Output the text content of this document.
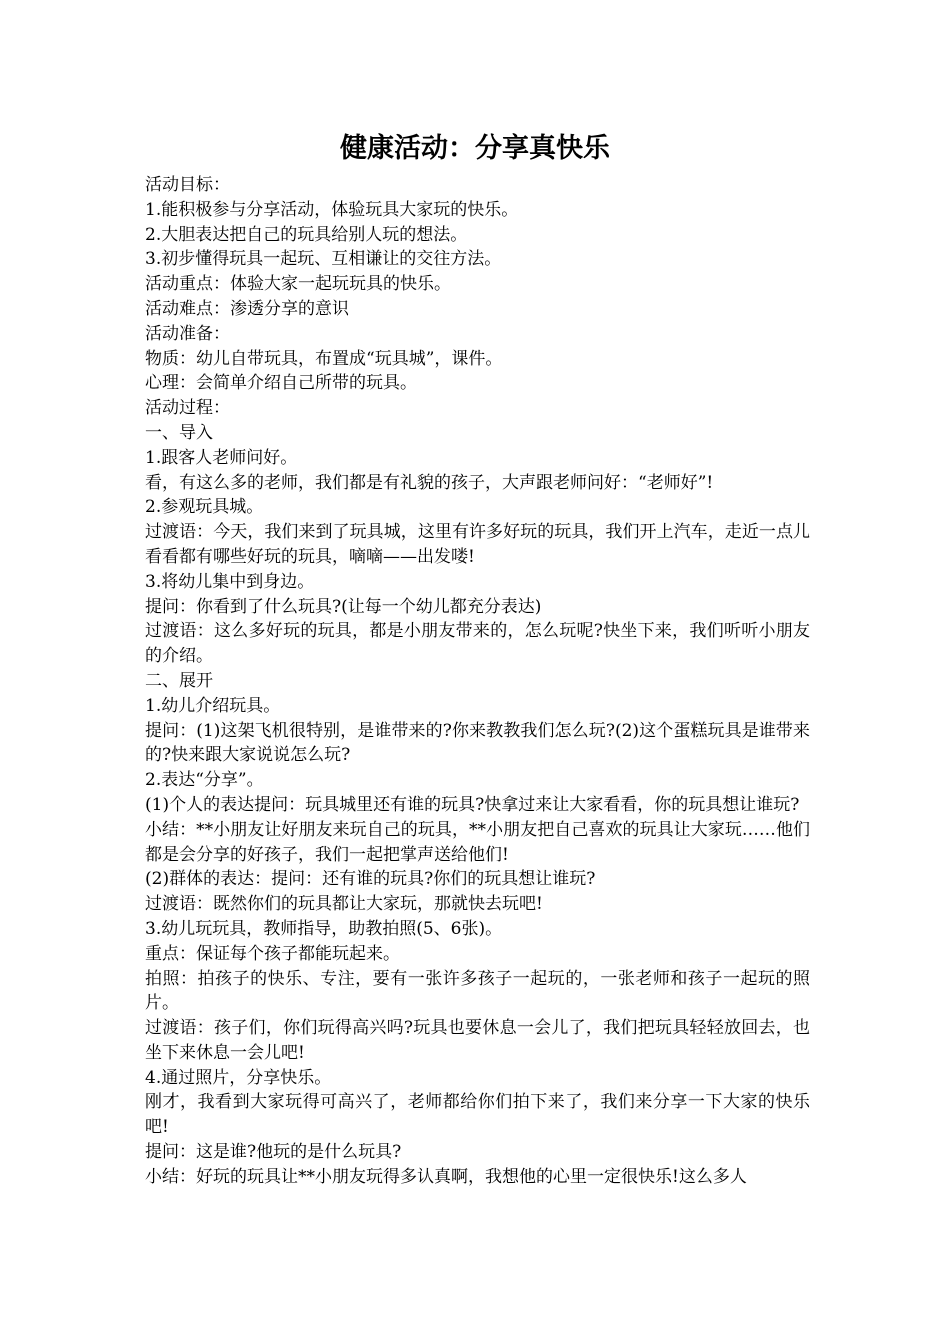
健康活动：分享真快乐

活动目标：

1.能积极参与分享活动，体验玩具大家玩的快乐。

2.大胆表达把自己的玩具给别人玩的想法。

3.初步懂得玩具一起玩、互相谦让的交往方法。

活动重点：体验大家一起玩玩具的快乐。

活动难点：渗透分享的意识

活动准备：

物质：幼儿自带玩具，布置成“玩具城”，课件。

心理：会简单介绍自己所带的玩具。

活动过程：

一、导入

1.跟客人老师问好。

看，有这么多的老师，我们都是有礼貌的孩子，大声跟老师问好：“老师好”!

2.参观玩具城。

过渡语：今天，我们来到了玩具城，这里有许多好玩的玩具，我们开上汽车，走近一点儿看看都有哪些好玩的玩具，嘀嘀——出发喽!

3.将幼儿集中到身边。

提问：你看到了什么玩具?(让每一个幼儿都充分表达)

过渡语：这么多好玩的玩具，都是小朋友带来的，怎么玩呢?快坐下来，我们听听小朋友的介绍。

二、展开

1.幼儿介绍玩具。

提问：(1)这架飞机很特别，是谁带来的?你来教教我们怎么玩?(2)这个蛋糕玩具是谁带来的?快来跟大家说说怎么玩?

2.表达“分享”。

(1)个人的表达提问：玩具城里还有谁的玩具?快拿过来让大家看看，你的玩具想让谁玩?

小结：**小朋友让好朋友来玩自己的玩具，**小朋友把自己喜欢的玩具让大家玩……他们都是会分享的好孩子，我们一起把掌声送给他们!

(2)群体的表达：提问：还有谁的玩具?你们的玩具想让谁玩?

过渡语：既然你们的玩具都让大家玩，那就快去玩吧!

3.幼儿玩玩具，教师指导，助教拍照(5、6张)。

重点：保证每个孩子都能玩起来。

拍照：拍孩子的快乐、专注，要有一张许多孩子一起玩的，一张老师和孩子一起玩的照片。

过渡语：孩子们，你们玩得高兴吗?玩具也要休息一会儿了，我们把玩具轻轻放回去，也坐下来休息一会儿吧!

4.通过照片，分享快乐。

刚才，我看到大家玩得可高兴了，老师都给你们拍下来了，我们来分享一下大家的快乐吧!

提问：这是谁?他玩的是什么玩具?

小结：好玩的玩具让**小朋友玩得多认真啊，我想他的心里一定很快乐!这么多人
